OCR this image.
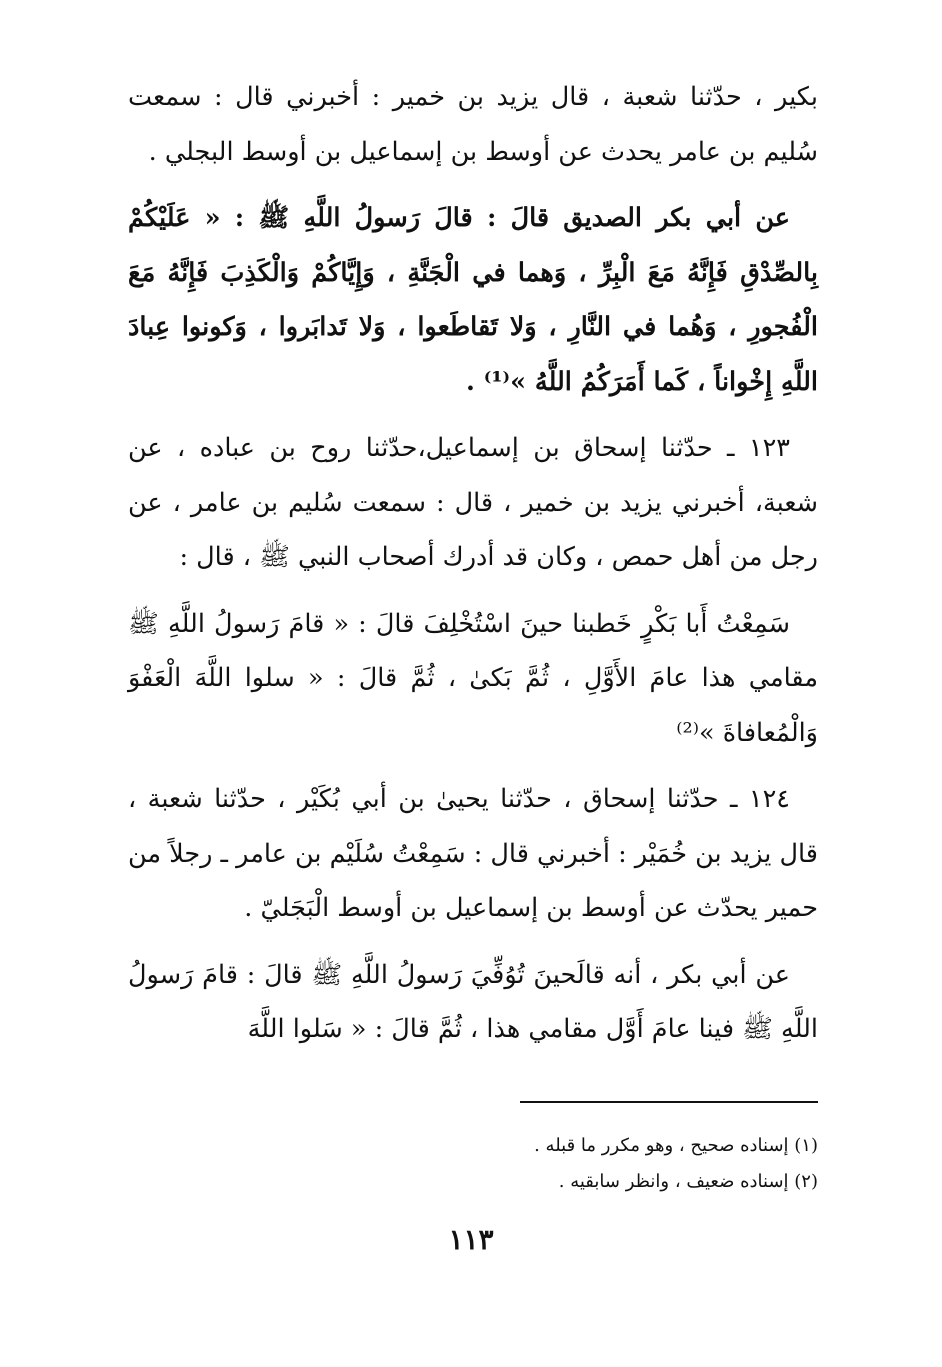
بكير ، حدّثنا شعبة ، قال يزيد بن خمير : أخبرني قال : سمعت سُليم بن عامر يحدث عن أوسط بن إسماعيل بن أوسط البجلي .

عن أبي بكر الصديق قالَ : قالَ رَسولُ اللَّهِ ﷺ : « عَلَيْكُمْ بِالصِّدْقِ فَإِنَّهُ مَعَ الْبِرِّ ، وَهما في الْجَنَّةِ ، وَإِيَّاكُمْ وَالْكَذِبَ فَإِنَّهُ مَعَ الْفُجورِ ، وَهُما في النَّارِ ، وَلا تَقاطَعوا ، وَلا تَدابَروا ، وَكونوا عِبادَ اللَّهِ إِخْواناً ، كَما أَمَرَكُمُ اللَّهُ »⁽¹⁾ .

١٢٣ ـ حدّثنا إسحاق بن إسماعيل،حدّثنا روح بن عباده ، عن شعبة، أخبرني يزيد بن خمير ، قال : سمعت سُليم بن عامر ، عن رجل من أهل حمص ، وكان قد أدرك أصحاب النبي ﷺ ، قال :

سَمِعْتُ أَبا بَكْرٍ خَطبنا حينَ اسْتُخْلِفَ قالَ : « قامَ رَسولُ اللَّهِ ﷺ مقامي هذا عامَ الأَوَّلِ ، ثُمَّ بَكىٰ ، ثُمَّ قالَ : « سلوا اللَّهَ الْعَفْوَ وَالْمُعافاةَ »⁽²⁾

١٢٤ ـ حدّثنا إسحاق ، حدّثنا يحيىٰ بن أبي بُكَيْر ، حدّثنا شعبة ، قال يزيد بن خُمَيْر : أخبرني قال : سَمِعْتُ سُلَيْم بن عامر ـ رجلاً من حمير يحدّث عن أوسط بن إسماعيل بن أوسط الْبَجَليّ .

عن أبي بكر ، أنه قالَحينَ تُوُفِّيَ رَسولُ اللَّهِ ﷺ قالَ : قامَ رَسولُ اللَّهِ ﷺ فينا عامَ أَوَّل مقامي هذا ، ثُمَّ قالَ : « سَلوا اللَّهَ

(١) إسناده صحيح ، وهو مكرر ما قبله .

(٢) إسناده ضعيف ، وانظر سابقيه .

١١٣
